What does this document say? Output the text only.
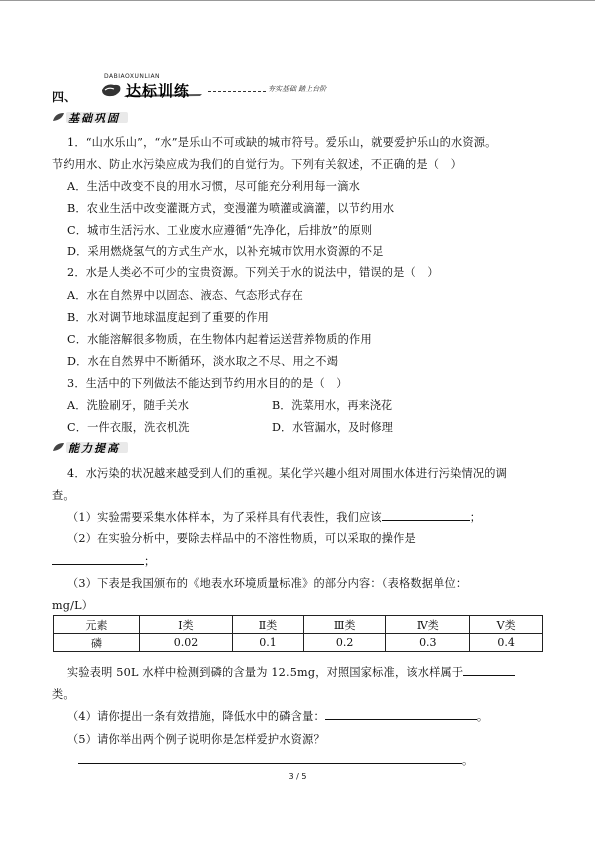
四、
DABIAOXUNLIAN
达标训练	夯实基础 踏上台阶
基础巩固
1．“山水乐山”，“水”是乐山不可或缺的城市符号。爱乐山，就要爱护乐山的水资源。
节约用水、防止水污染应成为我们的自觉行为。下列有关叙述，不正确的是（　）
A．生活中改变不良的用水习惯，尽可能充分利用每一滴水
B．农业生活中改变灌溉方式，变漫灌为喷灌或滴灌，以节约用水
C．城市生活污水、工业废水应遵循“先净化，后排放”的原则
D．采用燃烧氢气的方式生产水，以补充城市饮用水资源的不足
2．水是人类必不可少的宝贵资源。下列关于水的说法中，错误的是（　）
A．水在自然界中以固态、液态、气态形式存在
B．水对调节地球温度起到了重要的作用
C．水能溶解很多物质，在生物体内起着运送营养物质的作用
D．水在自然界中不断循环，淡水取之不尽、用之不竭
3．生活中的下列做法不能达到节约用水目的的是（　）
A．洗脸刷牙，随手关水	B．洗菜用水，再来浇花
C．一件衣服，洗衣机洗	D．水管漏水，及时修理
能力提高
4．水污染的状况越来越受到人们的重视。某化学兴趣小组对周围水体进行污染情况的调
查。
（1）实验需要采集水体样本，为了采样具有代表性，我们应该	；
（2）在实验分析中，要除去样品中的不溶性物质，可以采取的操作是
；
（3）下表是我国颁布的《地表水环境质量标准》的部分内容：（表格数据单位：
mg/L）
元素	Ⅰ类	Ⅱ类	Ⅲ类	Ⅳ类	Ⅴ类
磷	0.02	0.1	0.2	0.3	0.4
实验表明 50L 水样中检测到磷的含量为 12.5mg，对照国家标准，该水样属于
类。
（4）请你提出一条有效措施，降低水中的磷含量：	。
（5）请你举出两个例子说明你是怎样爱护水资源？
。
3 / 5
